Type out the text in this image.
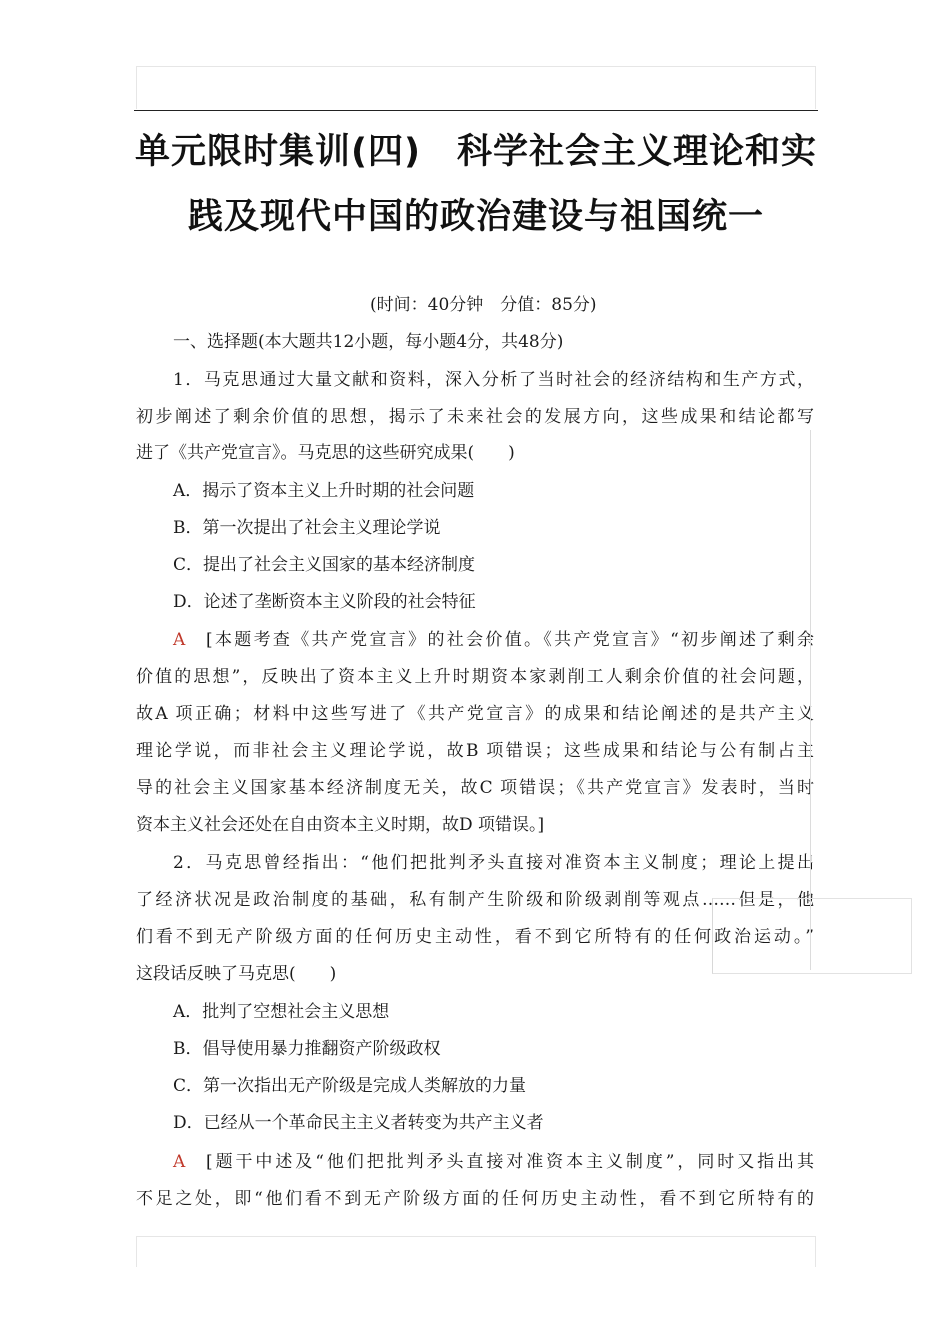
单元限时集训(四)　科学社会主义理论和实
践及现代中国的政治建设与祖国统一
(时间：40分钟　分值：85分)
一、选择题(本大题共12小题，每小题4分，共48分)
1．马克思通过大量文献和资料，深入分析了当时社会的经济结构和生产方式，
初步阐述了剩余价值的思想，揭示了未来社会的发展方向，这些成果和结论都写
进了《共产党宣言》。马克思的这些研究成果(　　)
A．揭示了资本主义上升时期的社会问题
B．第一次提出了社会主义理论学说
C．提出了社会主义国家的基本经济制度
D．论述了垄断资本主义阶段的社会特征
A [本题考查《共产党宣言》的社会价值。《共产党宣言》“初步阐述了剩余
价值的思想”，反映出了资本主义上升时期资本家剥削工人剩余价值的社会问题，
故A 项正确；材料中这些写进了《共产党宣言》的成果和结论阐述的是共产主义
理论学说，而非社会主义理论学说，故B 项错误；这些成果和结论与公有制占主
导的社会主义国家基本经济制度无关，故C 项错误；《共产党宣言》发表时，当时
资本主义社会还处在自由资本主义时期，故D 项错误。]
2．马克思曾经指出：“他们把批判矛头直接对准资本主义制度；理论上提出
了经济状况是政治制度的基础，私有制产生阶级和阶级剥削等观点……但是，他
们看不到无产阶级方面的任何历史主动性，看不到它所特有的任何政治运动。”
这段话反映了马克思(　　)
A．批判了空想社会主义思想
B．倡导使用暴力推翻资产阶级政权
C．第一次指出无产阶级是完成人类解放的力量
D．已经从一个革命民主主义者转变为共产主义者
A [题干中述及“他们把批判矛头直接对准资本主义制度”，同时又指出其
不足之处，即“他们看不到无产阶级方面的任何历史主动性，看不到它所特有的
